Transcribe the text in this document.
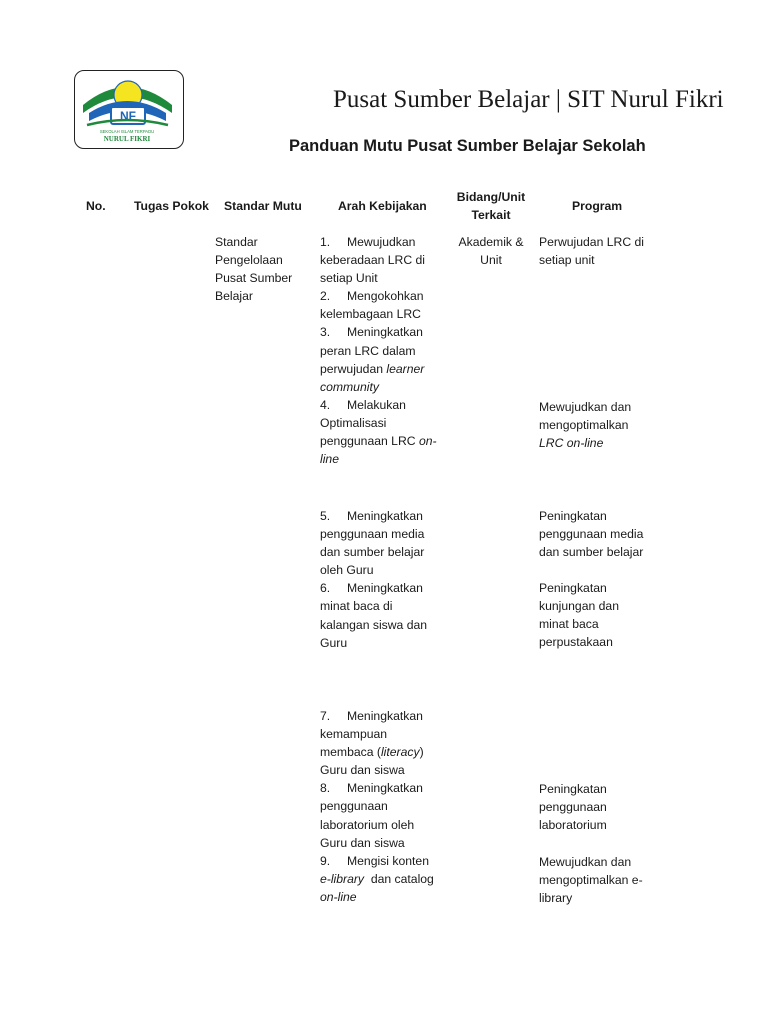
NF
SEKOLAH ISLAM TERPADU
NURUL FIKRI
Pusat Sumber Belajar | SIT Nurul Fikri
Panduan Mutu Pusat Sumber Belajar Sekolah
No. Tugas Pokok Standar Mutu	Arah Kebijakan
Bidang/Unit
Terkait
Program
Standar
Pengelolaan
Pusat Sumber
Belajar
Akademik &
Unit
1. Mewujudkan
keberadaan LRC di
setiap Unit
2. Mengokohkan
kelembagaan LRC
3. Meningkatkan
peran LRC dalam
perwujudan learner
community
4. Melakukan
Optimalisasi
penggunaan LRC on-
line
5. Meningkatkan
penggunaan media
dan sumber belajar
oleh Guru
6. Meningkatkan
minat baca di
kalangan siswa dan
Guru
7. Meningkatkan
kemampuan
membaca (literacy)
Guru dan siswa
8. Meningkatkan
penggunaan
laboratorium oleh
Guru dan siswa
9. Mengisi konten
e-library dan catalog
on-line
Perwujudan LRC di
setiap unit
Mewujudkan dan
mengoptimalkan
LRC on-line
Peningkatan
penggunaan media
dan sumber belajar
Peningkatan
kunjungan dan
minat baca
perpustakaan
Peningkatan
penggunaan
laboratorium
Mewujudkan dan
mengoptimalkan e-
library
